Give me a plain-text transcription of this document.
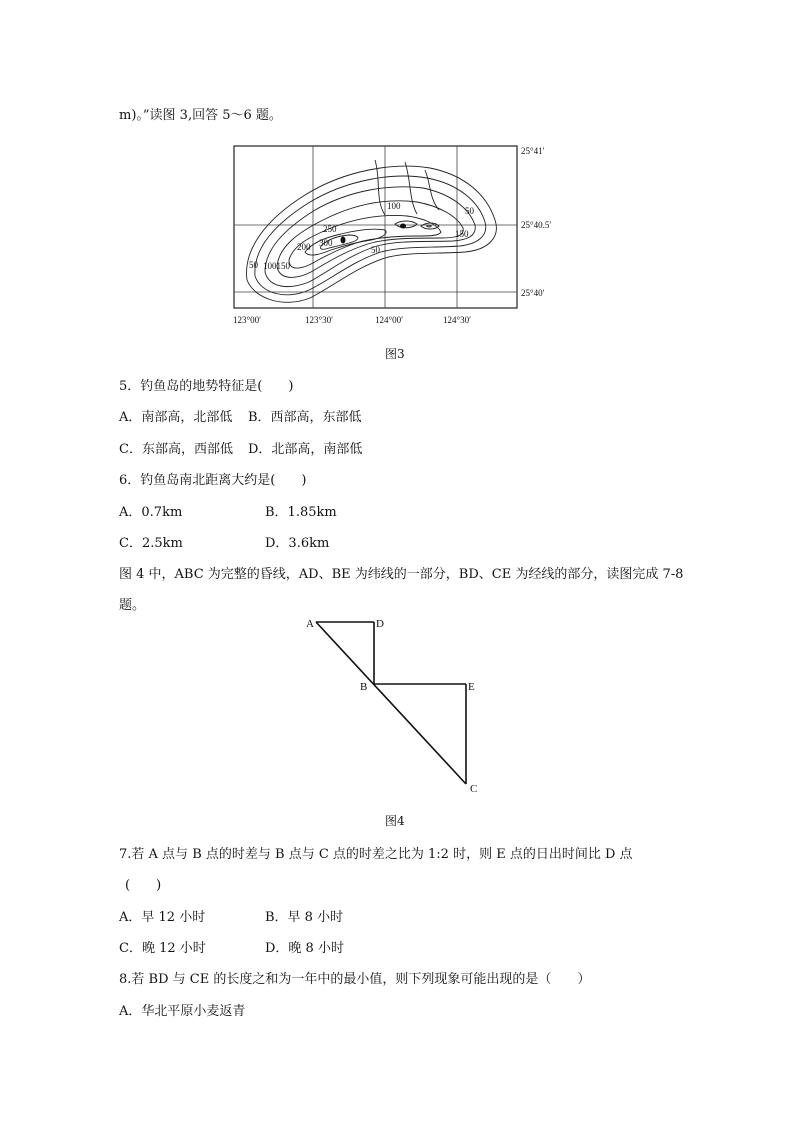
m)。”读图 3,回答 5～6 题。
25°41′
25°40.5′
25°40′
123°00′	123°30′	124°00′	124°30′
100	50
150
250
300
200	50
100150
50
图3
5．钓鱼岛的地势特征是(　　)
A．南部高，北部低 B．西部高，东部低
C．东部高，西部低 D．北部高，南部低
6．钓鱼岛南北距离大约是(　　)
A．0.7km	B．1.85km
C．2.5km	D．3.6km
图 4 中，ABC 为完整的昏线，AD、BE 为纬线的一部分，BD、CE 为经线的部分，读图完成 7-8
题。
A	D
B	E
C
图4
7.若 A 点与 B 点的时差与 B 点与 C 点的时差之比为 1:2 时，则 E 点的日出时间比 D 点
(　　)
A．早 12 小时	B．早 8 小时
C．晚 12 小时	D．晚 8 小时
8.若 BD 与 CE 的长度之和为一年中的最小值，则下列现象可能出现的是（　　）
A．华北平原小麦返青
